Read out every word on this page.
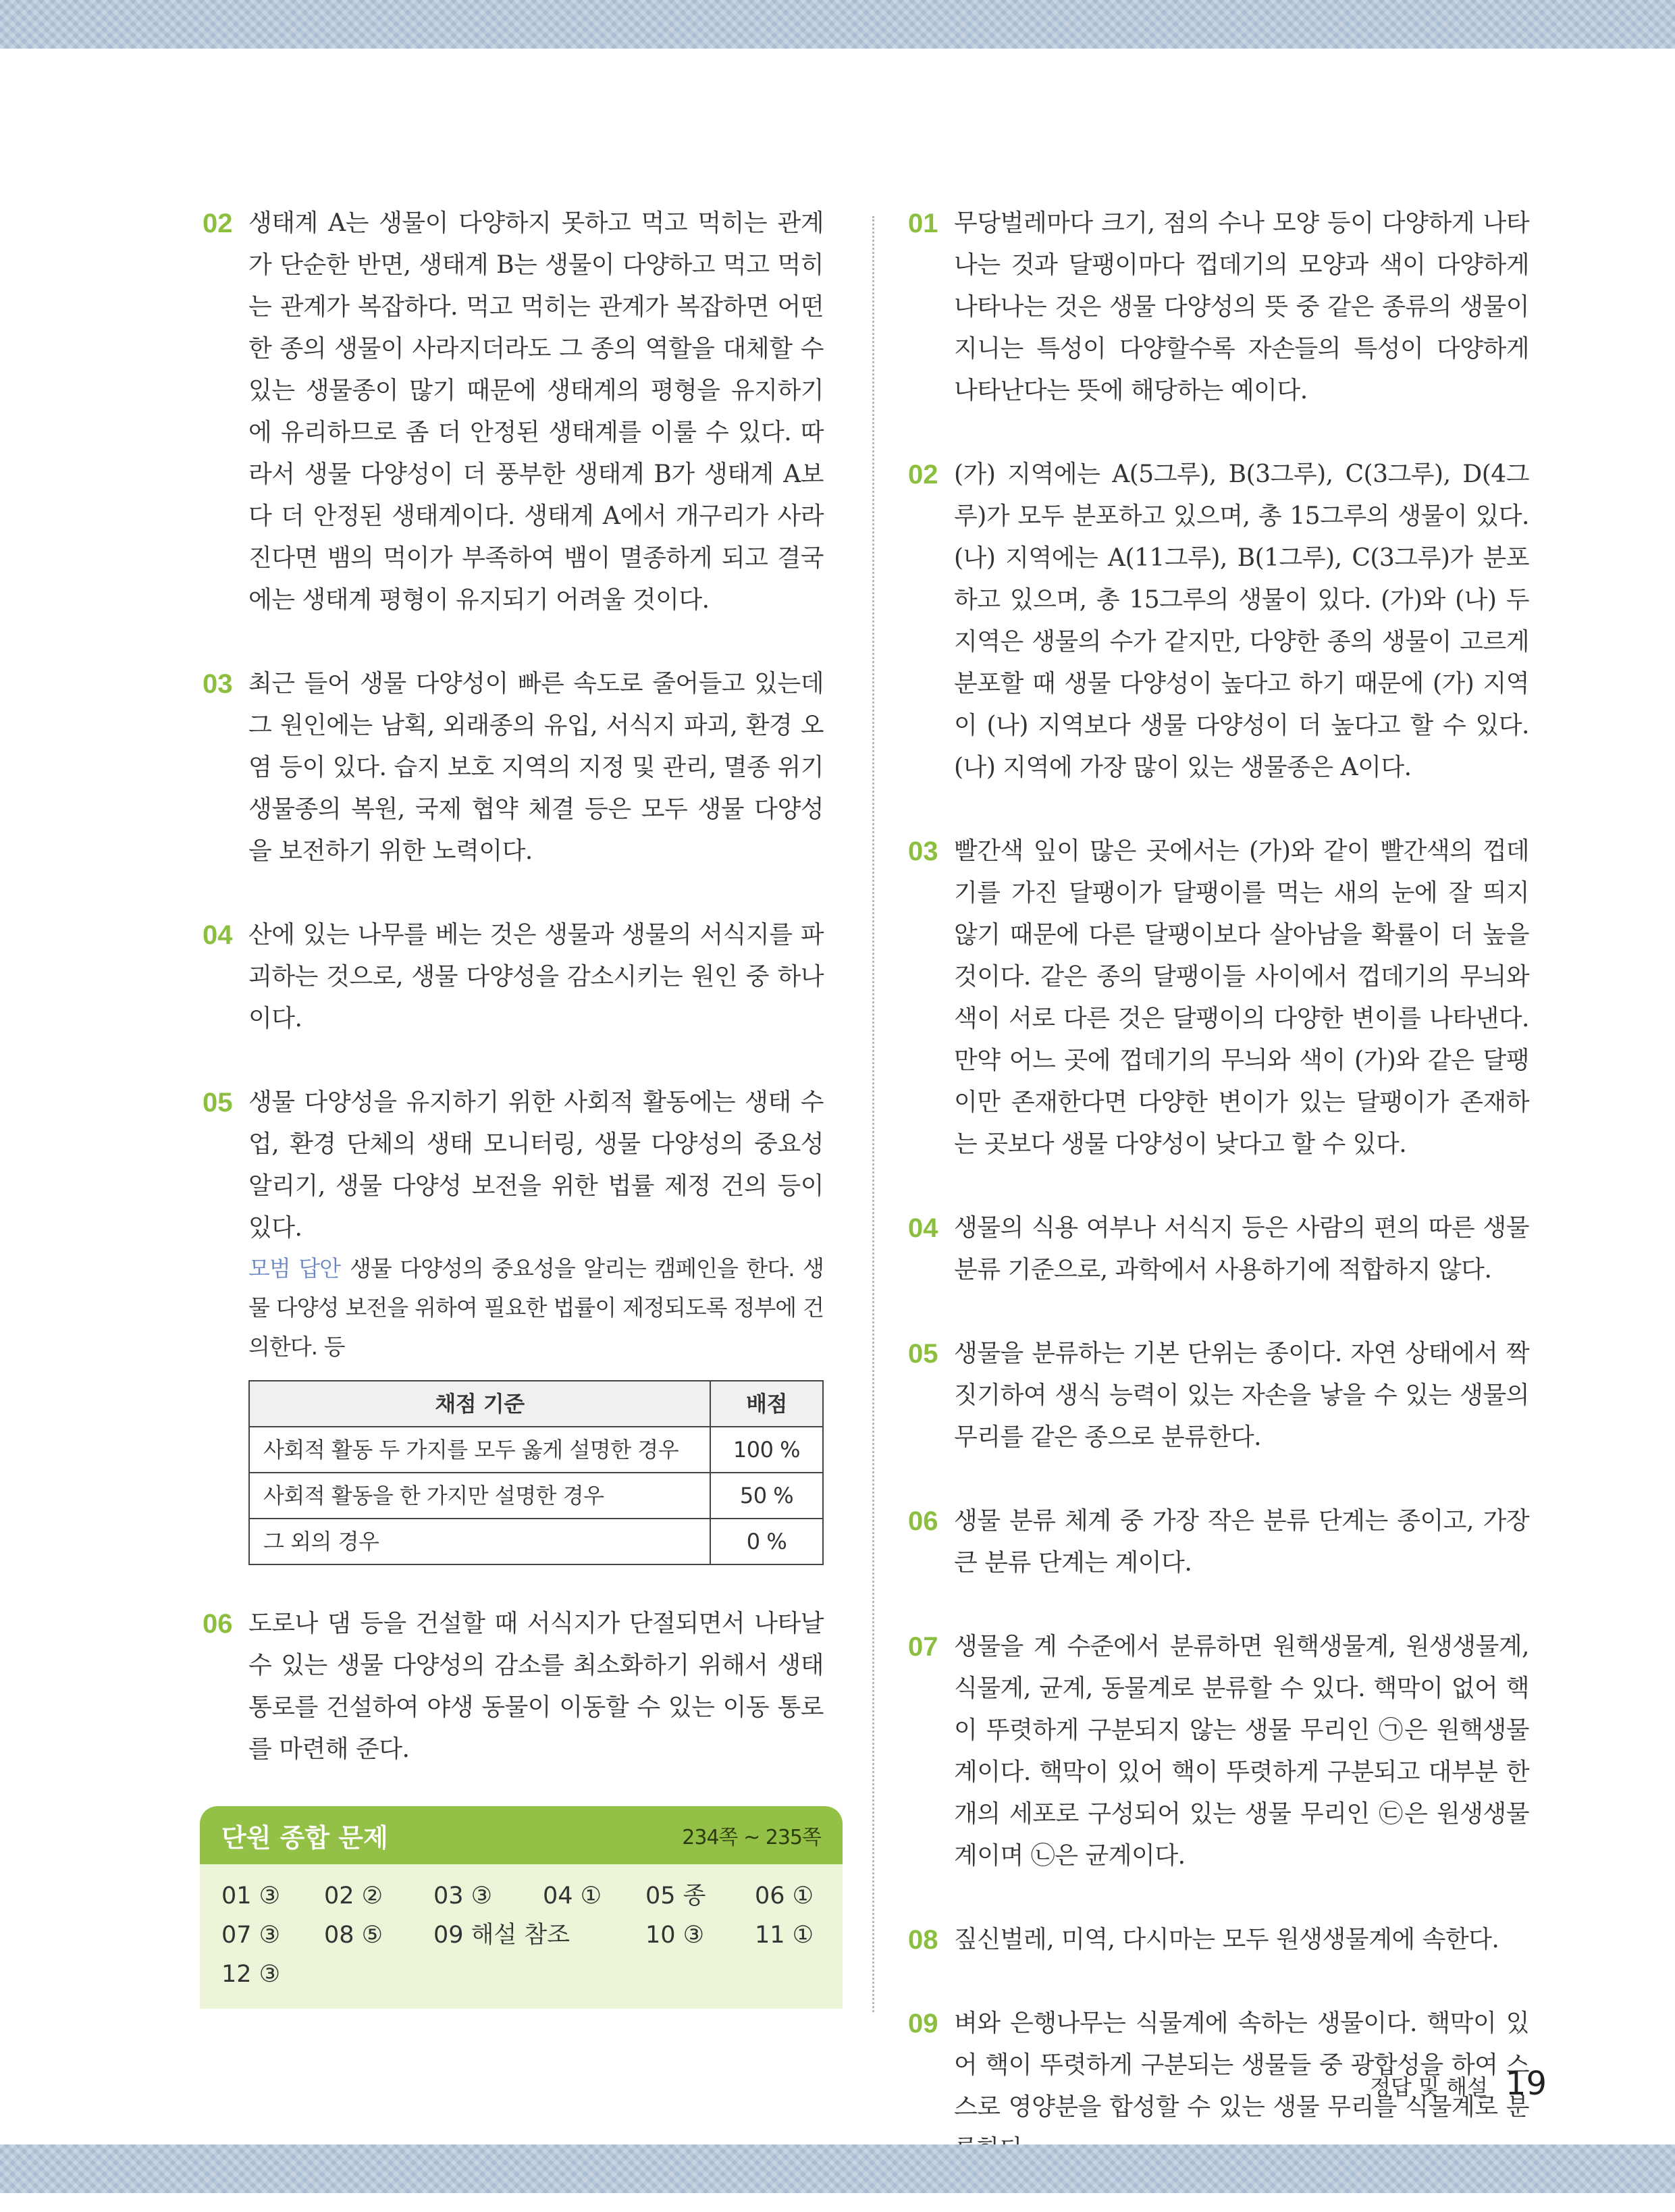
02 생태계 A는 생물이 다양하지 못하고 먹고 먹히는 관계가 단순한 반면, 생태계 B는 생물이 다양하고 먹고 먹히는 관계가 복잡하다. 먹고 먹히는 관계가 복잡하면 어떤 한 종의 생물이 사라지더라도 그 종의 역할을 대체할 수 있는 생물종이 많기 때문에 생태계의 평형을 유지하기에 유리하므로 좀 더 안정된 생태계를 이룰 수 있다. 따라서 생물 다양성이 더 풍부한 생태계 B가 생태계 A보다 더 안정된 생태계이다. 생태계 A에서 개구리가 사라진다면 뱀의 먹이가 부족하여 뱀이 멸종하게 되고 결국에는 생태계 평형이 유지되기 어려울 것이다.
03 최근 들어 생물 다양성이 빠른 속도로 줄어들고 있는데 그 원인에는 남획, 외래종의 유입, 서식지 파괴, 환경 오염 등이 있다. 습지 보호 지역의 지정 및 관리, 멸종 위기 생물종의 복원, 국제 협약 체결 등은 모두 생물 다양성을 보전하기 위한 노력이다.
04 산에 있는 나무를 베는 것은 생물과 생물의 서식지를 파괴하는 것으로, 생물 다양성을 감소시키는 원인 중 하나이다.
05 생물 다양성을 유지하기 위한 사회적 활동에는 생태 수업, 환경 단체의 생태 모니터링, 생물 다양성의 중요성 알리기, 생물 다양성 보전을 위한 법률 제정 건의 등이 있다.
모범 답안 생물 다양성의 중요성을 알리는 캠페인을 한다. 생물 다양성 보전을 위하여 필요한 법률이 제정되도록 정부에 건의한다. 등
채점 기준	배점
사회적 활동 두 가지를 모두 옳게 설명한 경우	100 %
사회적 활동을 한 가지만 설명한 경우	50 %
그 외의 경우	0 %
06 도로나 댐 등을 건설할 때 서식지가 단절되면서 나타날 수 있는 생물 다양성의 감소를 최소화하기 위해서 생태 통로를 건설하여 야생 동물이 이동할 수 있는 이동 통로를 마련해 준다.
단원 종합 문제	234쪽 ~ 235쪽
01 ③	02 ②	03 ③	04 ①	05 종	06 ①
07 ③	08 ⑤	09 해설 참조	10 ③	11 ①
12 ③
01 무당벌레마다 크기, 점의 수나 모양 등이 다양하게 나타나는 것과 달팽이마다 껍데기의 모양과 색이 다양하게 나타나는 것은 생물 다양성의 뜻 중 같은 종류의 생물이 지니는 특성이 다양할수록 자손들의 특성이 다양하게 나타난다는 뜻에 해당하는 예이다.
02 (가) 지역에는 A(5그루), B(3그루), C(3그루), D(4그루)가 모두 분포하고 있으며, 총 15그루의 생물이 있다. (나) 지역에는 A(11그루), B(1그루), C(3그루)가 분포하고 있으며, 총 15그루의 생물이 있다. (가)와 (나) 두 지역은 생물의 수가 같지만, 다양한 종의 생물이 고르게 분포할 때 생물 다양성이 높다고 하기 때문에 (가) 지역이 (나) 지역보다 생물 다양성이 더 높다고 할 수 있다. (나) 지역에 가장 많이 있는 생물종은 A이다.
03 빨간색 잎이 많은 곳에서는 (가)와 같이 빨간색의 껍데기를 가진 달팽이가 달팽이를 먹는 새의 눈에 잘 띄지 않기 때문에 다른 달팽이보다 살아남을 확률이 더 높을 것이다. 같은 종의 달팽이들 사이에서 껍데기의 무늬와 색이 서로 다른 것은 달팽이의 다양한 변이를 나타낸다. 만약 어느 곳에 껍데기의 무늬와 색이 (가)와 같은 달팽이만 존재한다면 다양한 변이가 있는 달팽이가 존재하는 곳보다 생물 다양성이 낮다고 할 수 있다.
04 생물의 식용 여부나 서식지 등은 사람의 편의 따른 생물 분류 기준으로, 과학에서 사용하기에 적합하지 않다.
05 생물을 분류하는 기본 단위는 종이다. 자연 상태에서 짝짓기하여 생식 능력이 있는 자손을 낳을 수 있는 생물의 무리를 같은 종으로 분류한다.
06 생물 분류 체계 중 가장 작은 분류 단계는 종이고, 가장 큰 분류 단계는 계이다.
07 생물을 계 수준에서 분류하면 원핵생물계, 원생생물계, 식물계, 균계, 동물계로 분류할 수 있다. 핵막이 없어 핵이 뚜렷하게 구분되지 않는 생물 무리인 ㉠은 원핵생물계이다. 핵막이 있어 핵이 뚜렷하게 구분되고 대부분 한 개의 세포로 구성되어 있는 생물 무리인 ㉢은 원생생물계이며 ㉡은 균계이다.
08 짚신벌레, 미역, 다시마는 모두 원생생물계에 속한다.
09 벼와 은행나무는 식물계에 속하는 생물이다. 핵막이 있어 핵이 뚜렷하게 구분되는 생물들 중 광합성을 하여 스스로 영양분을 합성할 수 있는 생물 무리를 식물계로 분
정답 및 해설 19
